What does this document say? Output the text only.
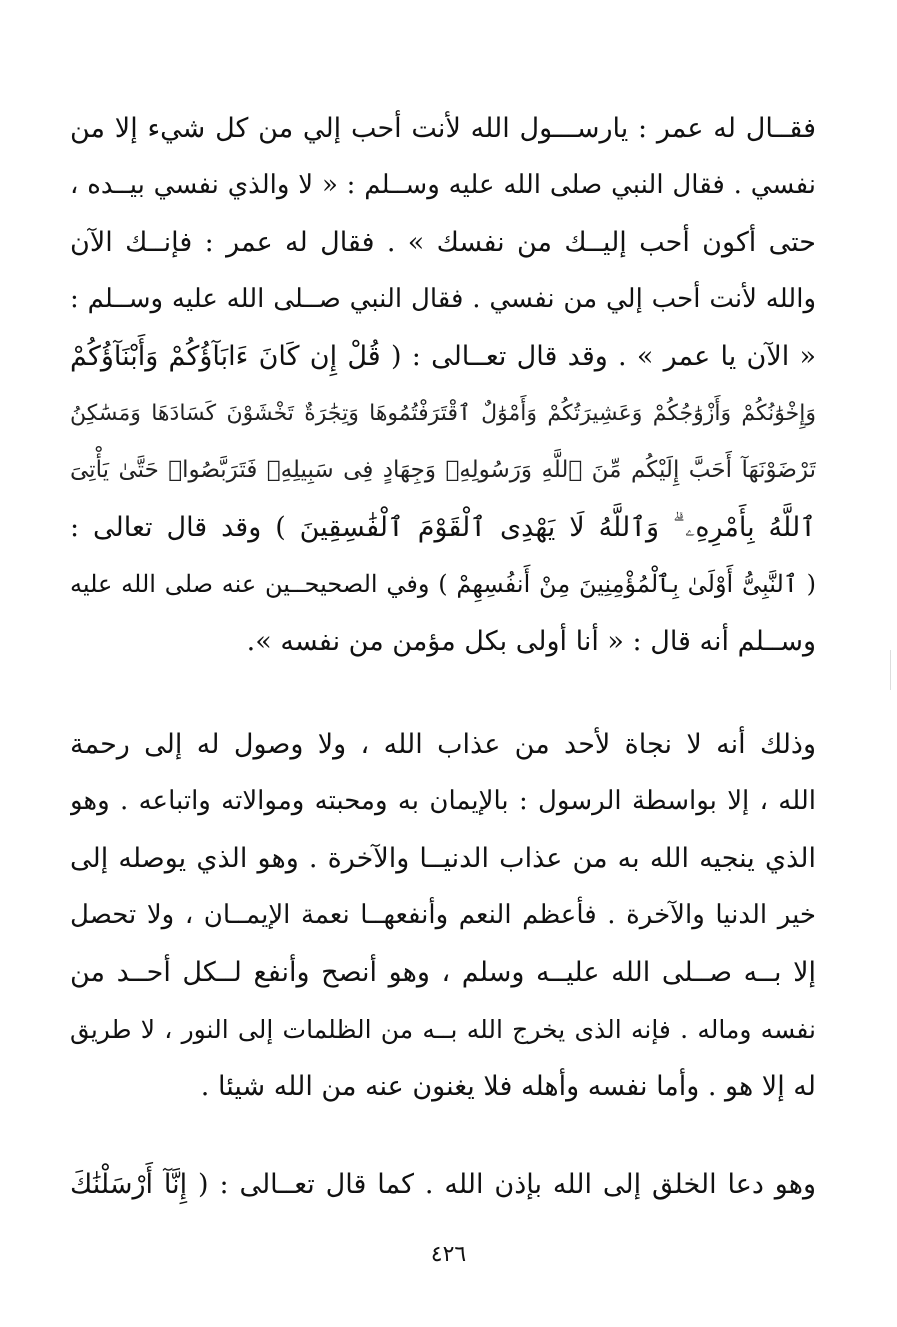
فقــال له عمر : يارســـول الله لأنت أحب إلي من كل شيء إلا من
نفسي . فقال النبي صلى الله عليه وســلم : « لا والذي نفسي بيــده ،
حتى أكون أحب إليــك من نفسك » . فقال له عمر : فإنــك الآن
والله لأنت أحب إلي من نفسي . فقال النبي صــلى الله عليه وســلم :
« الآن يا عمر » . وقد قال تعــالى : ( قُلْ إِن كَانَ ءَابَآؤُكُمْ وَأَبْنَآؤُكُمْ
وَإِخْوَٰنُكُمْ وَأَزْوَٰجُكُمْ وَعَشِيرَتُكُمْ وَأَمْوَٰلٌ ٱقْتَرَفْتُمُوهَا وَتِجَٰرَةٌ تَخْشَوْنَ كَسَادَهَا وَمَسَٰكِنُ
تَرْضَوْنَهَآ أَحَبَّ إِلَيْكُم مِّنَ ٱللَّهِ وَرَسُولِهِۦ وَجِهَادٍ فِى سَبِيلِهِۦ فَتَرَبَّصُوا۟ حَتَّىٰ يَأْتِىَ
ٱللَّهُ بِأَمْرِهِۦ ۗ وَٱللَّهُ لَا يَهْدِى ٱلْقَوْمَ ٱلْفَٰسِقِينَ ) وقد قال تعالى :
( ٱلنَّبِىُّ أَوْلَىٰ بِٱلْمُؤْمِنِينَ مِنْ أَنفُسِهِمْ ) وفي الصحيحــين عنه صلى الله عليه
وســلم أنه قال : « أنا أولى بكل مؤمن من نفسه ».
وذلك أنه لا نجاة لأحد من عذاب الله ، ولا وصول له إلى رحمة
الله ، إلا بواسطة الرسول : بالإيمان به ومحبته وموالاته واتباعه . وهو
الذي ينجيه الله به من عذاب الدنيــا والآخرة . وهو الذي يوصله إلى
خير الدنيا والآخرة . فأعظم النعم وأنفعهــا نعمة الإيمــان ، ولا تحصل
إلا بــه صــلى الله عليــه وسلم ، وهو أنصح وأنفع لــكل أحــد من
نفسه وماله . فإنه الذى يخرج الله بــه من الظلمات إلى النور ، لا طريق
له إلا هو . وأما نفسه وأهله فلا يغنون عنه من الله شيئا .
وهو دعا الخلق إلى الله بإذن الله . كما قال تعــالى : ( إِنَّآ أَرْسَلْنَٰكَ
٤٢٦
